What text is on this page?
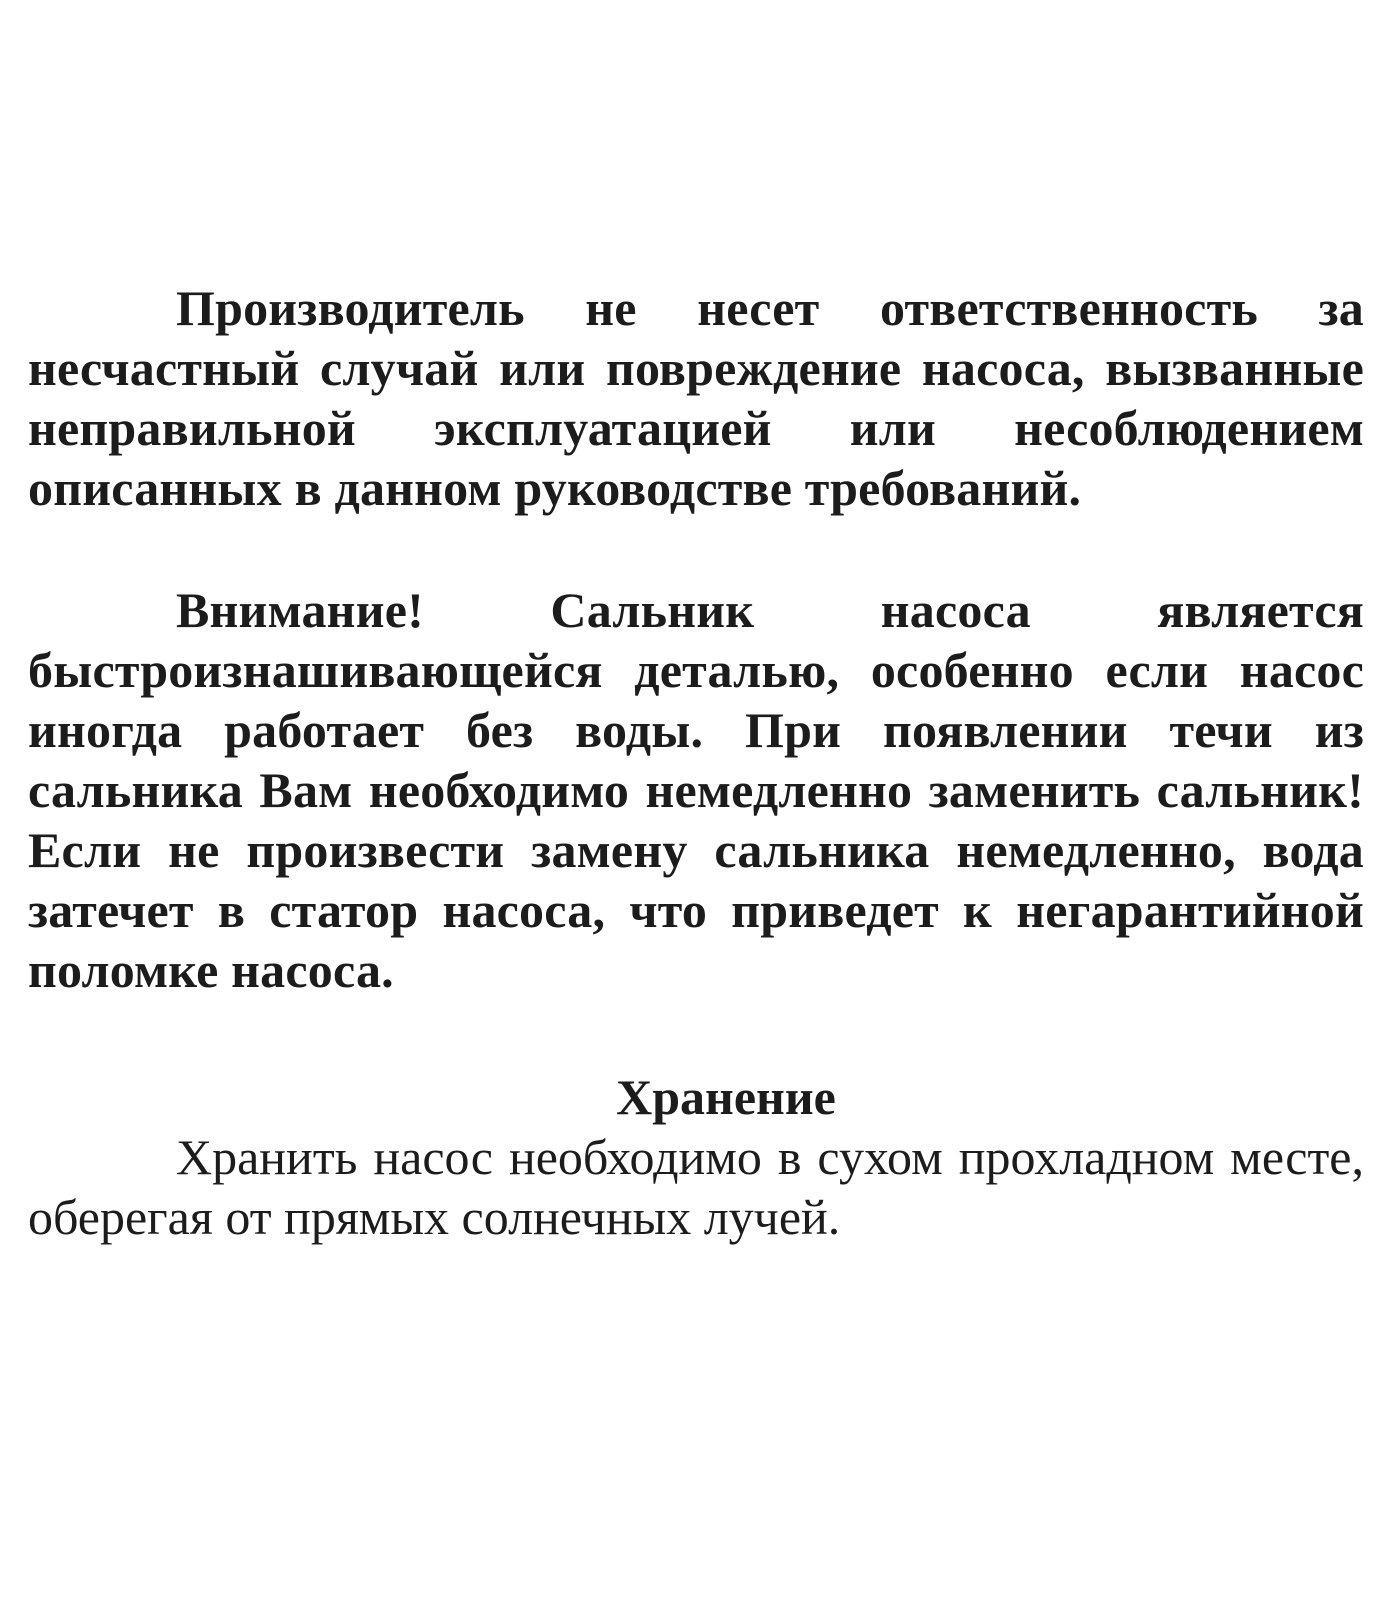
Производитель не несет ответственность за несчастный случай или повреждение насоса, вызванные неправильной эксплуатацией или несоблюдением описанных в данном руководстве требований.

Внимание! Сальник насоса является быстроизнашивающейся деталью, особенно если насос иногда работает без воды. При появлении течи из сальника Вам необходимо немедленно заменить сальник! Если не произвести замену сальника немедленно, вода затечет в статор насоса, что приведет к негарантийной поломке насоса.

Хранение

Хранить насос необходимо в сухом прохладном месте, оберегая от прямых солнечных лучей.
